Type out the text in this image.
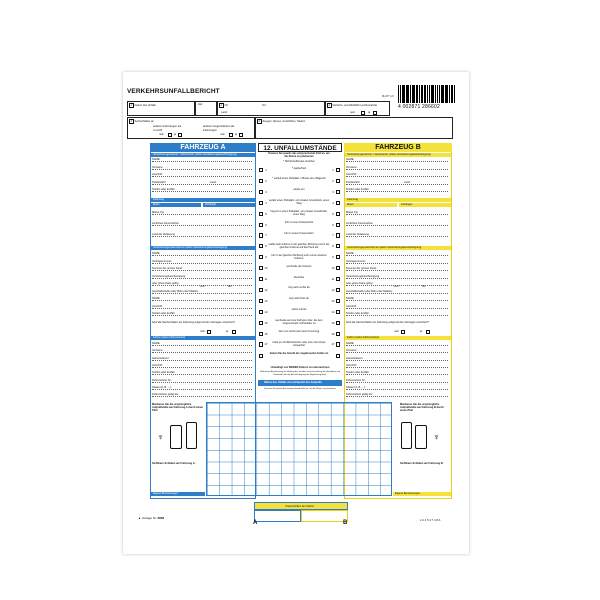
VERKEHRSUNFALLBERICHT
BLATT 1/2
4 002871 286602
1 Datum des Unfalls	Zeit	2 Ort
Land:
Ort:	3 Verletzte, einschließlich Leichtverletzte
nein	ja
4 Sachschäden an
anderen Fahrzeugen als
A und B
anderen Gegenständen als
Fahrzeugen
nein	ja	nein	ja
5 Zeugen: Namen, Anschriften, Telefon
FAHRZEUG A	FAHRZEUG B
12. UNFALLUMSTÄNDE
Versicherungsnehmer / Versicherter (siehe Versicherungsbescheinigung)
NAME:
Vorname:
Anschrift:
Postleitzahl:
Telefon oder E-Mail:
Fahrzeug
Motor	Anhänger
Marke,Typ
Amtliches Kennzeichen
Land der Zulassung
Versicherungsunternehmen (siehe Versicherungsbescheinigung)
NAME:
Vertragsnummer:
Nummer der grünen Karte:
Versicherungsbescheinigung
oder grüne Karte gültig
Geschäftsstelle (oder Büro oder Makler):
NAME:
Anschrift:
Telefon oder E-Mail:
vom:	bis:
Sind die Sachschäden am Fahrzeug aufgrund des Vertrages versichert?
nein	ja
Fahrer (siehe Führerschein)
NAME:
Vorname:
Geburtsdatum:
Anschrift:
Telefon oder E-Mail:
Führerschein Nr.:
Klasse (A, B, ...):
Führerschein gültig bis:
Markieren Sie die ursprüngliche Aufprallstelle am Fahrzeug A durch einen Pfeil
♆
Sichtbare Schäden am Fahrzeug A:
Eigene Bemerkungen:
Versicherungsnehmer / Versicherter (siehe Versicherungsbescheinigung)
NAME:
Vorname:
Anschrift:
Postleitzahl:
Telefon oder E-Mail:
Fahrzeug
Motor	Anhänger
Marke,Typ
Amtliches Kennzeichen
Land der Zulassung
Versicherungsunternehmen (siehe Versicherungsbescheinigung)
NAME:
Vertragsnummer:
Nummer der grünen Karte:
Versicherungsbescheinigung
oder grüne Karte gültig
Geschäftsstelle (oder Büro oder Makler):
NAME:
Anschrift:
Telefon oder E-Mail:
vom:	bis:
Sind die Sachschäden am Fahrzeug aufgrund des Vertrages versichert?
nein	ja
Fahrer (siehe Führerschein)
NAME:
Vorname:
Geburtsdatum:
Anschrift:
Telefon oder E-Mail:
Führerschein Nr.:
Klasse (A, B, ...):
Führerschein gültig bis:
Markieren Sie die ursprüngliche Aufprallstelle am Fahrzeug B durch einen Pfeil
♆
Sichtbare Schäden am Fahrzeug B:
Eigene Bemerkungen:
Kreuzen Sie jeweils das entsprechende Feld an, um die Skizze zu präzisieren
* Nichtzutreffendes streichen
1	* parkte/hielt	1
2	* verließ einen Parkplatz / öffnete eine Wagentür	2
3	parkte ein	3
4 verließ einen Parkplatz, ein privates Grundstück, einen Weg	4
5	bog ein in einen Parkplatz, ein privates Grundstück, einen Weg	5
6	fuhr in einen Kreisverkehr	6
7	fuhr in einem Kreisverkehr	7
8 prallte beim Fahren in der gleichen Richtung und in der gleichen Kolonne auf das Heck auf	8
9	fuhr in der gleichen Richtung und in einer anderen Kolonne	9
10	wechselte die Kolonne	10
11	überholte	11
12	bog nach rechts ab	12
13	bog nach links ab	13
14	setzte zurück	14
15	wechselte auf eine Fahrspur über, die dem Gegenverkehr vorbehalten ist	15
16	kam von rechts (auf einer Kreuzung)	16
17	hatte ein Vorfahrtszeichen oder eine rote Ampel missachtet	17
Geben Sie die Anzahl der angekreuzten Felder an
Unbedingt von BEIDEN Fahrern zu unterzeichnen
Stellt keine Anerkennung der Haftung dar, sondern eine Darstellung der Identitäten und Umstände, die der Beschleunigung der Regulierung dient.
Skizze des Unfalls zum Zeitpunkt des Aufpralls
Kreuzen Sie jeweils das entsprechende Feld an, um die Skizze zu präzisieren
Unterschriften der Fahrer
A	B
▲ Vorlage Nr. 2866	2 2 4 5 4 7 4 8 A
Land:	Land:
